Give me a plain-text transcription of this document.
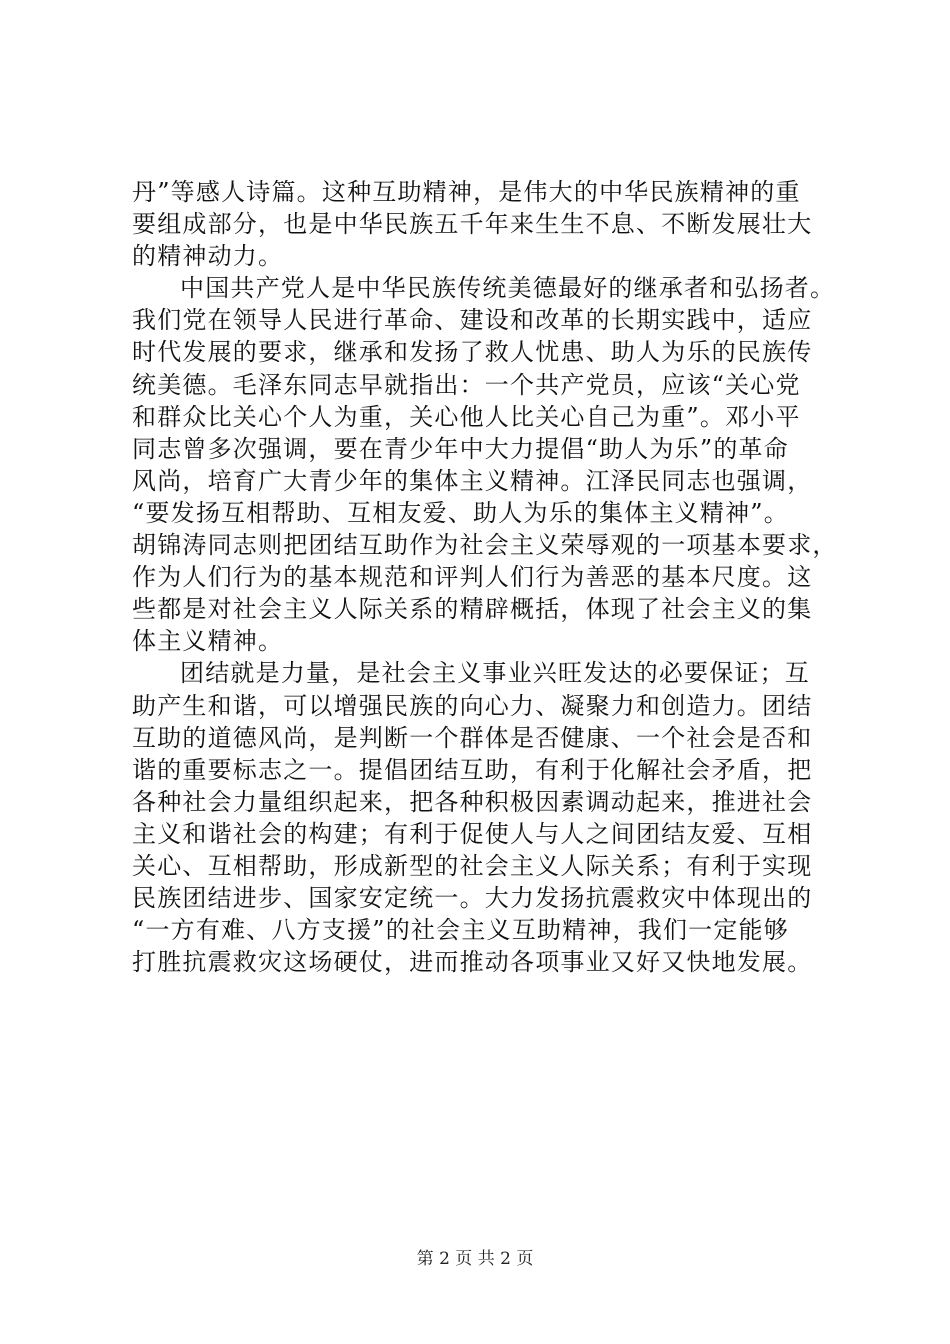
丹”等感人诗篇。这种互助精神，是伟大的中华民族精神的重
要组成部分，也是中华民族五千年来生生不息、不断发展壮大
的精神动力。
中国共产党人是中华民族传统美德最好的继承者和弘扬者。
我们党在领导人民进行革命、建设和改革的长期实践中，适应
时代发展的要求，继承和发扬了救人忧患、助人为乐的民族传
统美德。毛泽东同志早就指出：一个共产党员，应该“关心党
和群众比关心个人为重，关心他人比关心自己为重”。邓小平
同志曾多次强调，要在青少年中大力提倡“助人为乐”的革命
风尚，培育广大青少年的集体主义精神。江泽民同志也强调，
“要发扬互相帮助、互相友爱、助人为乐的集体主义精神”。
胡锦涛同志则把团结互助作为社会主义荣辱观的一项基本要求，
作为人们行为的基本规范和评判人们行为善恶的基本尺度。这
些都是对社会主义人际关系的精辟概括，体现了社会主义的集
体主义精神。
团结就是力量，是社会主义事业兴旺发达的必要保证；互
助产生和谐，可以增强民族的向心力、凝聚力和创造力。团结
互助的道德风尚，是判断一个群体是否健康、一个社会是否和
谐的重要标志之一。提倡团结互助，有利于化解社会矛盾，把
各种社会力量组织起来，把各种积极因素调动起来，推进社会
主义和谐社会的构建；有利于促使人与人之间团结友爱、互相
关心、互相帮助，形成新型的社会主义人际关系；有利于实现
民族团结进步、国家安定统一。大力发扬抗震救灾中体现出的
“一方有难、八方支援”的社会主义互助精神，我们一定能够
打胜抗震救灾这场硬仗，进而推动各项事业又好又快地发展。
第 2 页 共 2 页
